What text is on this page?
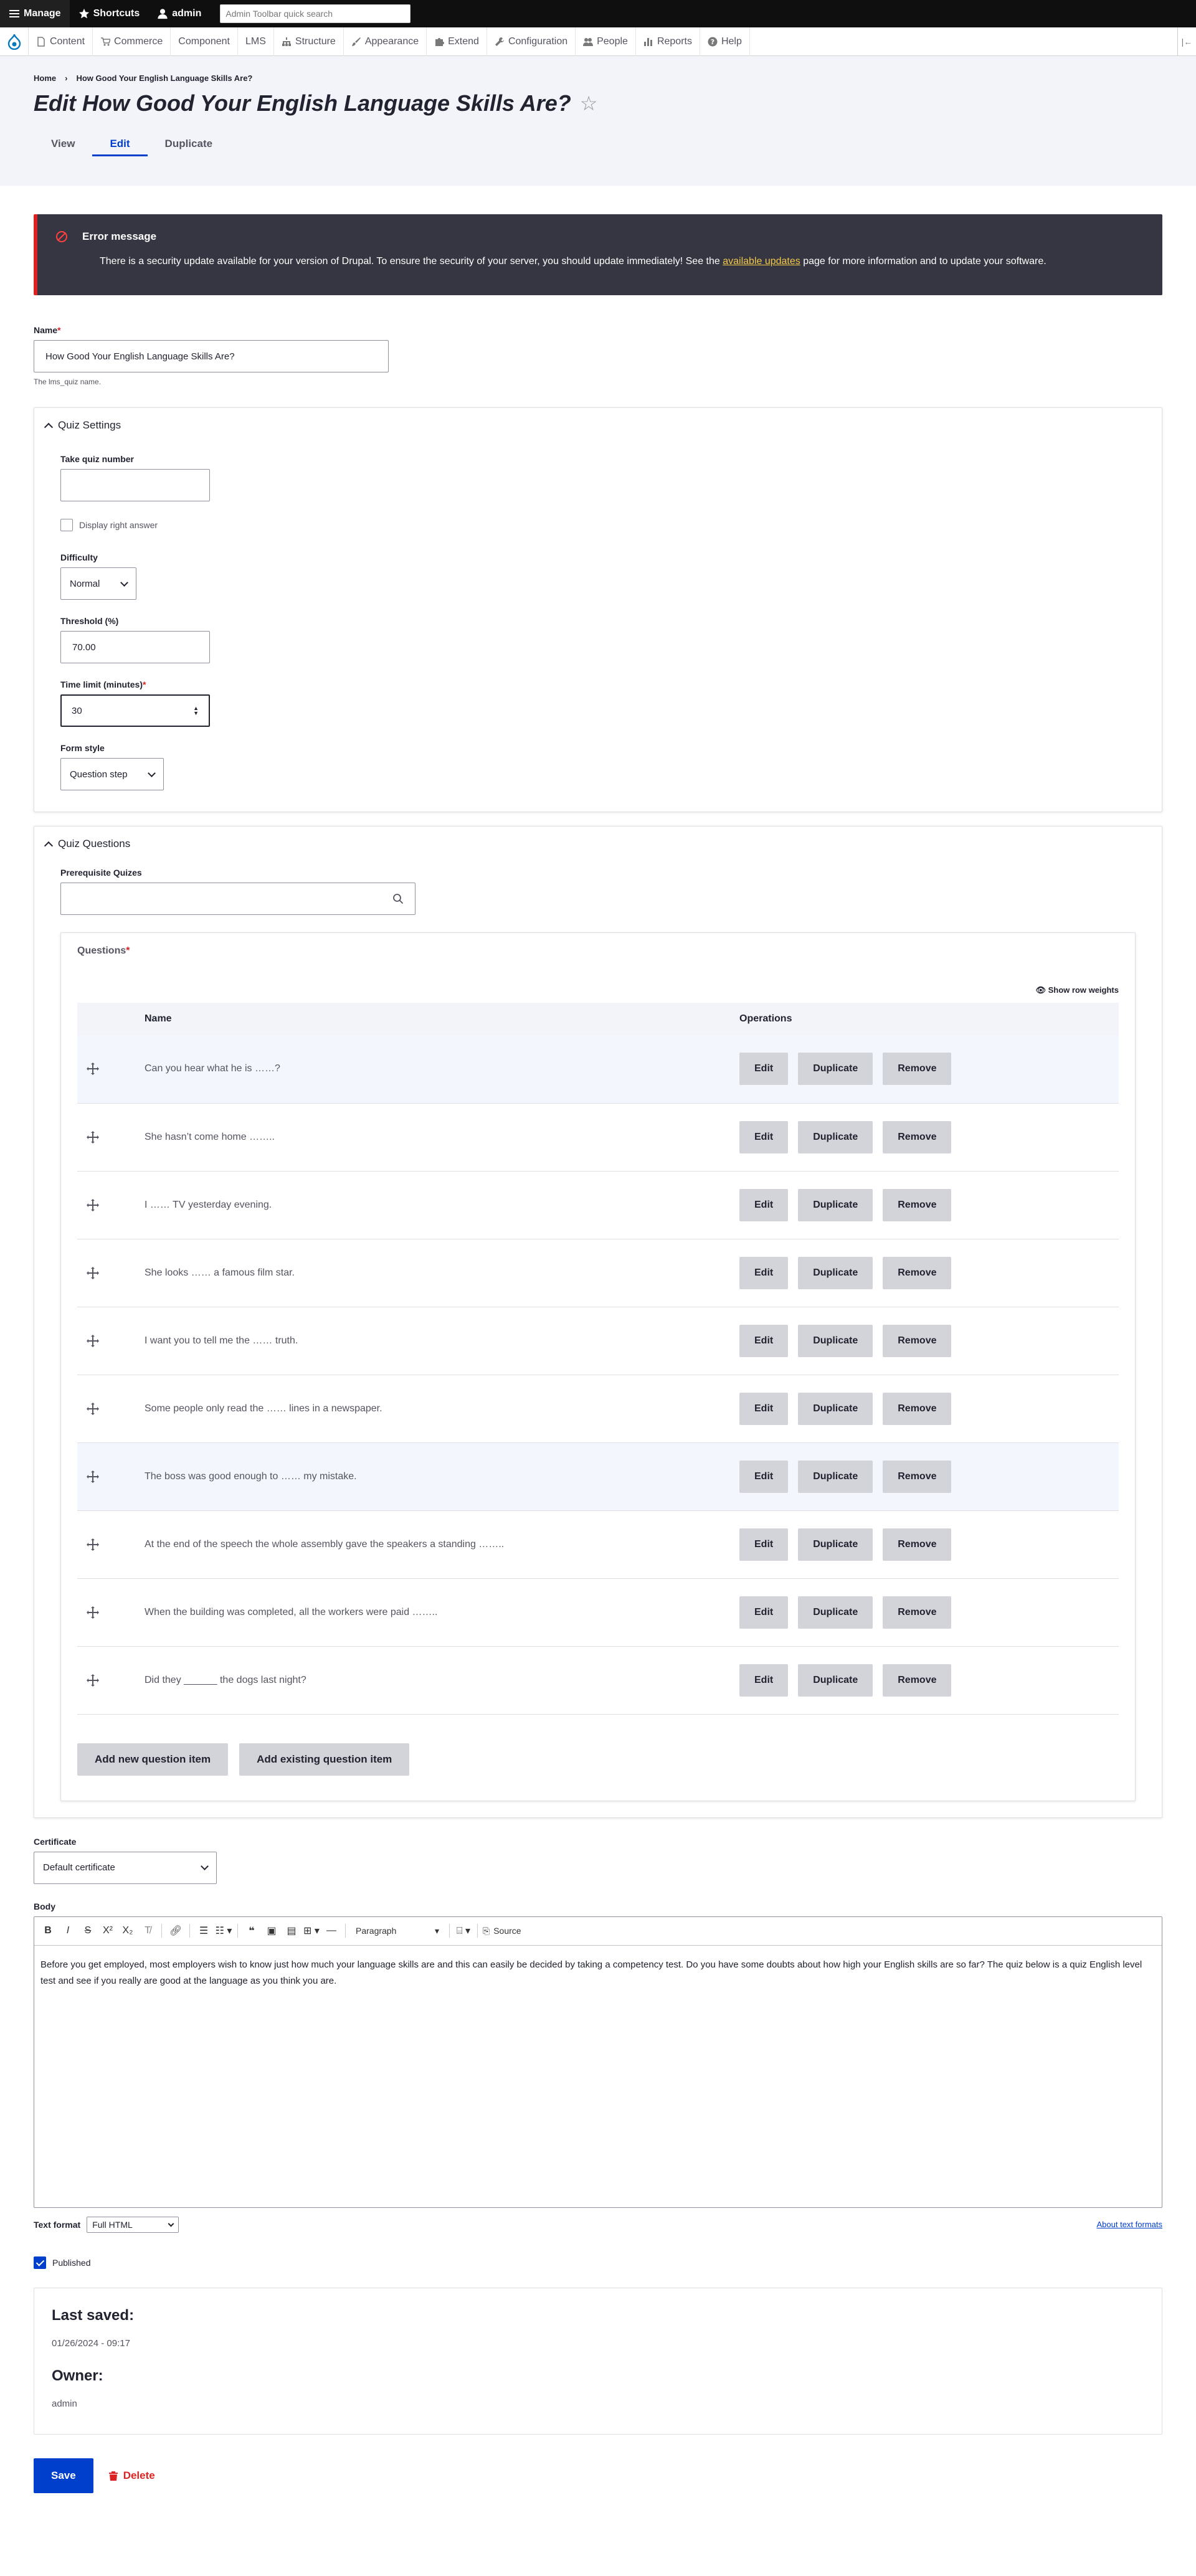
Manage	Shortcuts	admin
Admin Toolbar quick search
Content	Commerce Component LMS	Structure	Appearance	Extend	Configuration	People	Reports	? Help	|←
Home › How Good Your English Language Skills Are?
Edit How Good Your English Language Skills Are? ☆
View	Edit	Duplicate
Error message
There is a security update available for your version of Drupal. To ensure the security of your server, you should update immediately! See the available updates page for more information and to update your software.
Name*
How Good Your English Language Skills Are?
The lms_quiz name.
Quiz Settings
Take quiz number
Display right answer
Difficulty
Normal
Threshold (%)
70.00
Time limit (minutes)*
30	▲
▼
Form style
Question step
Quiz Questions
Prerequisite Quizes
Questions*
👁︎ Show row weights
	Name	Operations

	Can you hear what he is ……?	Edit Duplicate Remove

	She hasn’t come home ……..	Edit Duplicate Remove

	I …… TV yesterday evening.	Edit Duplicate Remove

	She looks …… a famous film star.	Edit Duplicate Remove

	I want you to tell me the …… truth.	Edit Duplicate Remove

	Some people only read the …… lines in a newspaper.	Edit Duplicate Remove

	The boss was good enough to …… my mistake.	Edit Duplicate Remove

	At the end of the speech the whole assembly gave the speakers a standing ……..	Edit Duplicate Remove

	When the building was completed, all the workers were paid ……..	Edit Duplicate Remove

	Did they ______ the dogs last night?	Edit Duplicate Remove
Add new question item	Add existing question item
Certificate
Default certificate
Body
B	I	S	X² X₂	T̸	🔗︎	☰ ☷ ▾	❝	▣	▤ ⊞ ▾ —	Paragraph	▾ ⌸ ▾ ⎘ Source
Before you get employed, most employers wish to know just how much your language skills are and this can easily be decided by taking a competency test. Do you have some doubts about how high your English skills are so far? The quiz below is a quiz English level test and see if you really are good at the language as you think you are.
Text format Full HTML	About text formats
Published
Last saved:

01/26/2024 - 09:17

Owner:

admin

Save	Delete
